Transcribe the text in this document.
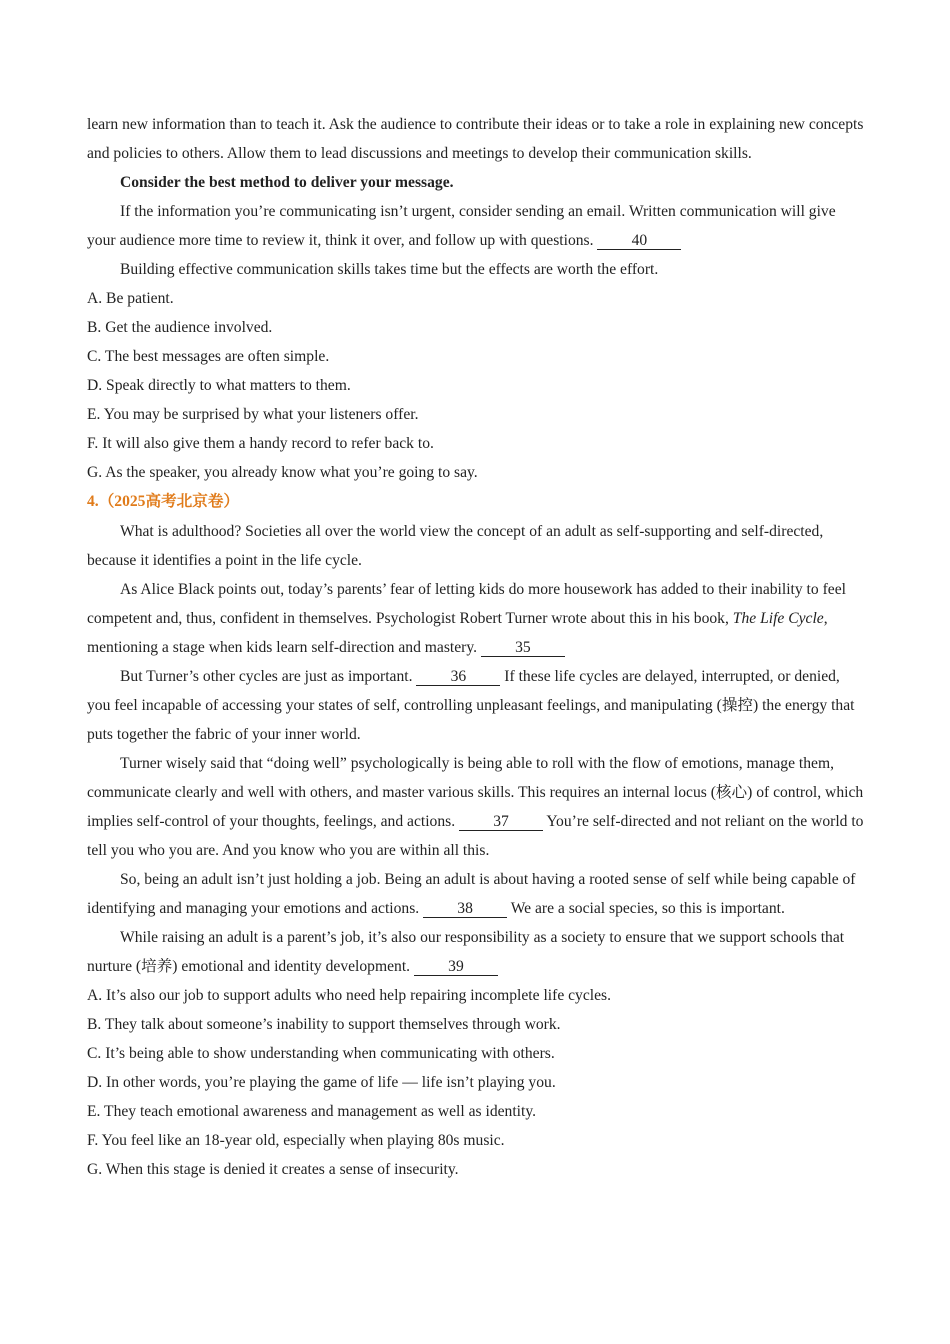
learn new information than to teach it. Ask the audience to contribute their ideas or to take a role in explaining new concepts and policies to others. Allow them to lead discussions and meetings to develop their communication skills.

Consider the best method to deliver your message.

If the information you’re communicating isn’t urgent, consider sending an email. Written communication will give your audience more time to review it, think it over, and follow up with questions. 40

Building effective communication skills takes time but the effects are worth the effort.

A. Be patient.

B. Get the audience involved.

C. The best messages are often simple.

D. Speak directly to what matters to them.

E. You may be surprised by what your listeners offer.

F. It will also give them a handy record to refer back to.

G. As the speaker, you already know what you’re going to say.

4.（2025高考北京卷）

What is adulthood? Societies all over the world view the concept of an adult as self-supporting and self-directed, because it identifies a point in the life cycle.

As Alice Black points out, today’s parents’ fear of letting kids do more housework has added to their inability to feel competent and, thus, confident in themselves. Psychologist Robert Turner wrote about this in his book, The Life Cycle, mentioning a stage when kids learn self-direction and mastery. 35

But Turner’s other cycles are just as important. 36 If these life cycles are delayed, interrupted, or denied, you feel incapable of accessing your states of self, controlling unpleasant feelings, and manipulating (操控) the energy that puts together the fabric of your inner world.

Turner wisely said that “doing well” psychologically is being able to roll with the flow of emotions, manage them, communicate clearly and well with others, and master various skills. This requires an internal locus (核心) of control, which implies self-control of your thoughts, feelings, and actions. 37 You’re self-directed and not reliant on the world to tell you who you are. And you know who you are within all this.

So, being an adult isn’t just holding a job. Being an adult is about having a rooted sense of self while being capable of identifying and managing your emotions and actions. 38 We are a social species, so this is important.

While raising an adult is a parent’s job, it’s also our responsibility as a society to ensure that we support schools that nurture (培养) emotional and identity development. 39

A. It’s also our job to support adults who need help repairing incomplete life cycles.

B. They talk about someone’s inability to support themselves through work.

C. It’s being able to show understanding when communicating with others.

D. In other words, you’re playing the game of life — life isn’t playing you.

E. They teach emotional awareness and management as well as identity.

F. You feel like an 18-year old, especially when playing 80s music.

G. When this stage is denied it creates a sense of insecurity.
